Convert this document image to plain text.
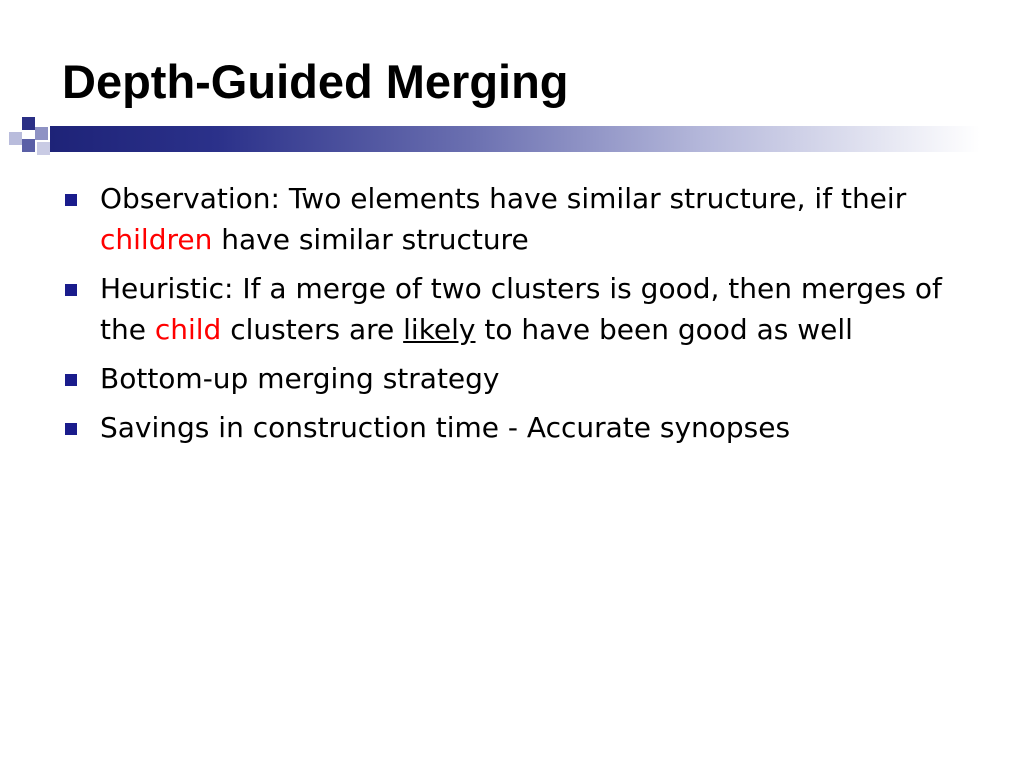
Depth-Guided Merging
Observation: Two elements have similar structure, if their children have similar structure
Heuristic: If a merge of two clusters is good, then merges of the child clusters are likely to have been good as well
Bottom-up merging strategy
Savings in construction time - Accurate synopses
